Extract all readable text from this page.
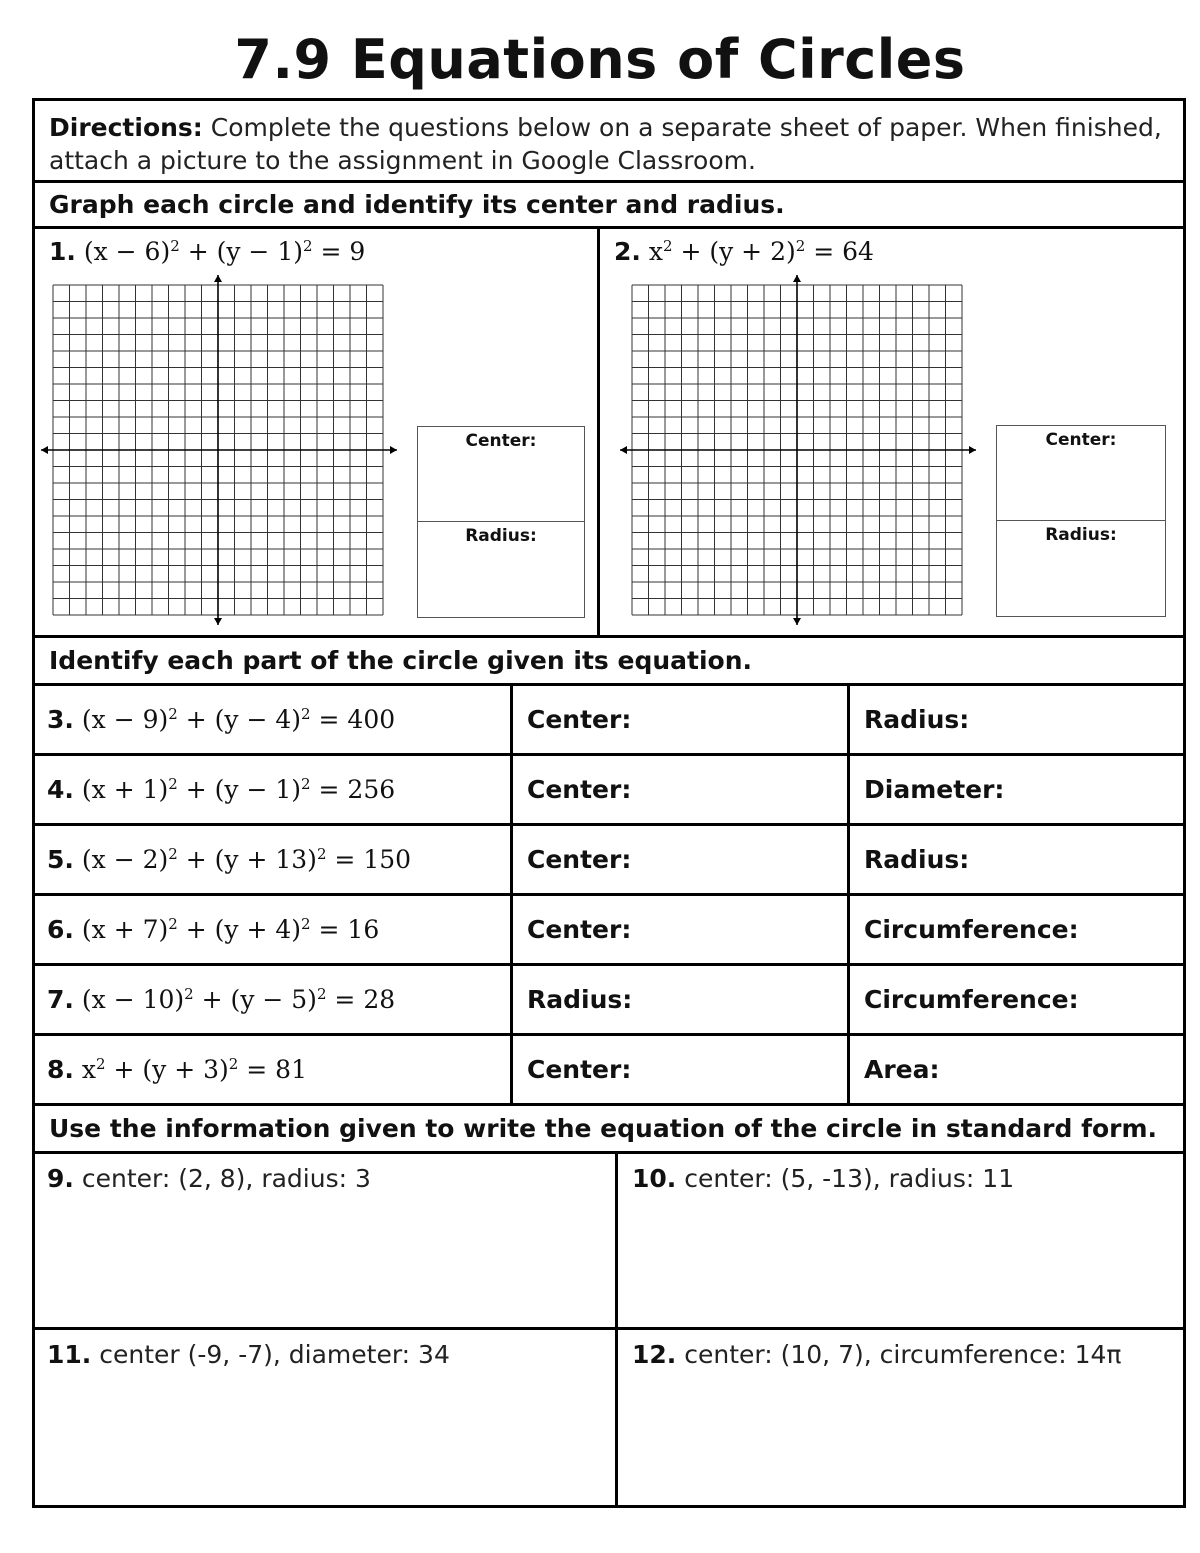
7.9 Equations of Circles
Directions: Complete the questions below on a separate sheet of paper. When finished, attach a picture to the assignment in Google Classroom.
Graph each circle and identify its center and radius.
1. $(x - 6)^2 + (y - 1)^2 = 9$
Center:
Radius:
2. $x^2 + (y + 2)^2 = 64$
Center:
Radius:
Identify each part of the circle given its equation.
3. $(x - 9)^2 + (y - 4)^2 = 400$	Center:	Radius:
4. $(x + 1)^2 + (y - 1)^2 = 256$	Center:	Diameter:
5. $(x - 2)^2 + (y + 13)^2 = 150$	Center:	Radius:
6. $(x + 7)^2 + (y + 4)^2 = 16$	Center:	Circumference:
7. $(x - 10)^2 + (y - 5)^2 = 28$	Radius:	Circumference:
8. $x^2 + (y + 3)^2 = 81$	Center:	Area:
Use the information given to write the equation of the circle in standard form.
9. center: (2, 8), radius: 3	10. center: (5, -13), radius: 11
11. center (-9, -7), diameter: 34	12. center: (10, 7), circumference: 14π
